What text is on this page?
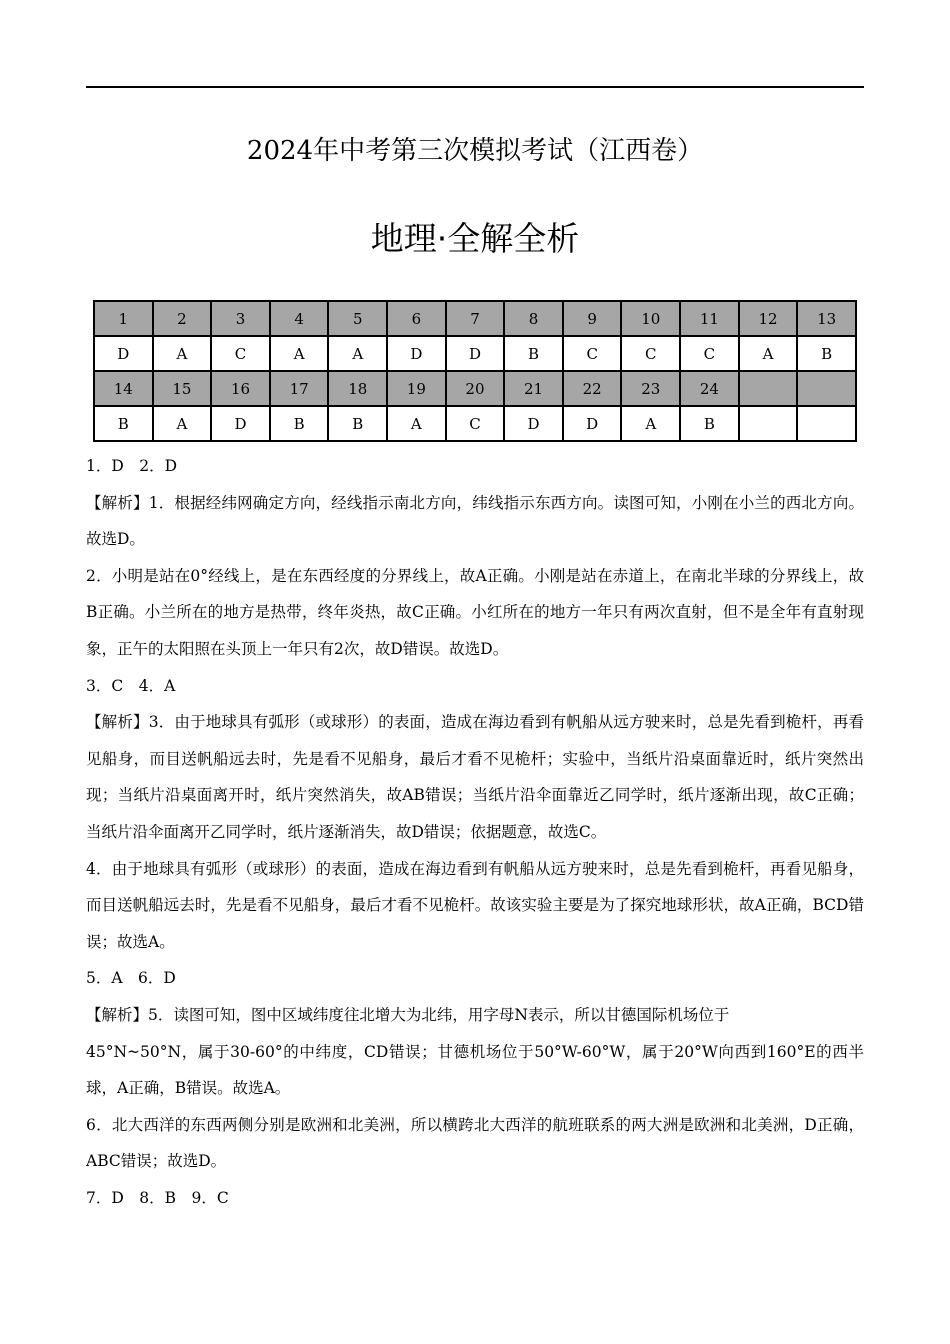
2024年中考第三次模拟考试（江西卷）
地理·全解全析
1	2	3	4	5	6	7	8	9	10	11	12	13
D	A	C	A	A	D	D	B	C	C	C	A	B
14	15	16	17	18	19	20	21	22	23	24		
B	A	D	B	B	A	C	D	D	A	B		

1．D　2．D

【解析】1．根据经纬网确定方向，经线指示南北方向，纬线指示东西方向。读图可知，小刚在小兰的西北方向。故选D。

2．小明是站在0°经线上，是在东西经度的分界线上，故A正确。小刚是站在赤道上，在南北半球的分界线上，故B正确。小兰所在的地方是热带，终年炎热，故C正确。小红所在的地方一年只有两次直射，但不是全年有直射现象，正午的太阳照在头顶上一年只有2次，故D错误。故选D。

3．C　4．A

【解析】3．由于地球具有弧形（或球形）的表面，造成在海边看到有帆船从远方驶来时，总是先看到桅杆，再看见船身，而目送帆船远去时，先是看不见船身，最后才看不见桅杆；实验中，当纸片沿桌面靠近时，纸片突然出现；当纸片沿桌面离开时，纸片突然消失，故AB错误；当纸片沿伞面靠近乙同学时，纸片逐渐出现，故C正确；当纸片沿伞面离开乙同学时，纸片逐渐消失，故D错误；依据题意，故选C。

4．由于地球具有弧形（或球形）的表面，造成在海边看到有帆船从远方驶来时，总是先看到桅杆，再看见船身，而目送帆船远去时，先是看不见船身，最后才看不见桅杆。故该实验主要是为了探究地球形状，故A正确，BCD错误；故选A。

5．A　6．D

【解析】5．读图可知，图中区域纬度往北增大为北纬，用字母N表示，所以甘德国际机场位于

45°N~50°N，属于30-60°的中纬度，CD错误；甘德机场位于50°W-60°W，属于20°W向西到160°E的西半球，A正确，B错误。故选A。

6．北大西洋的东西两侧分别是欧洲和北美洲，所以横跨北大西洋的航班联系的两大洲是欧洲和北美洲，D正确，ABC错误；故选D。

7．D　8．B　9．C
